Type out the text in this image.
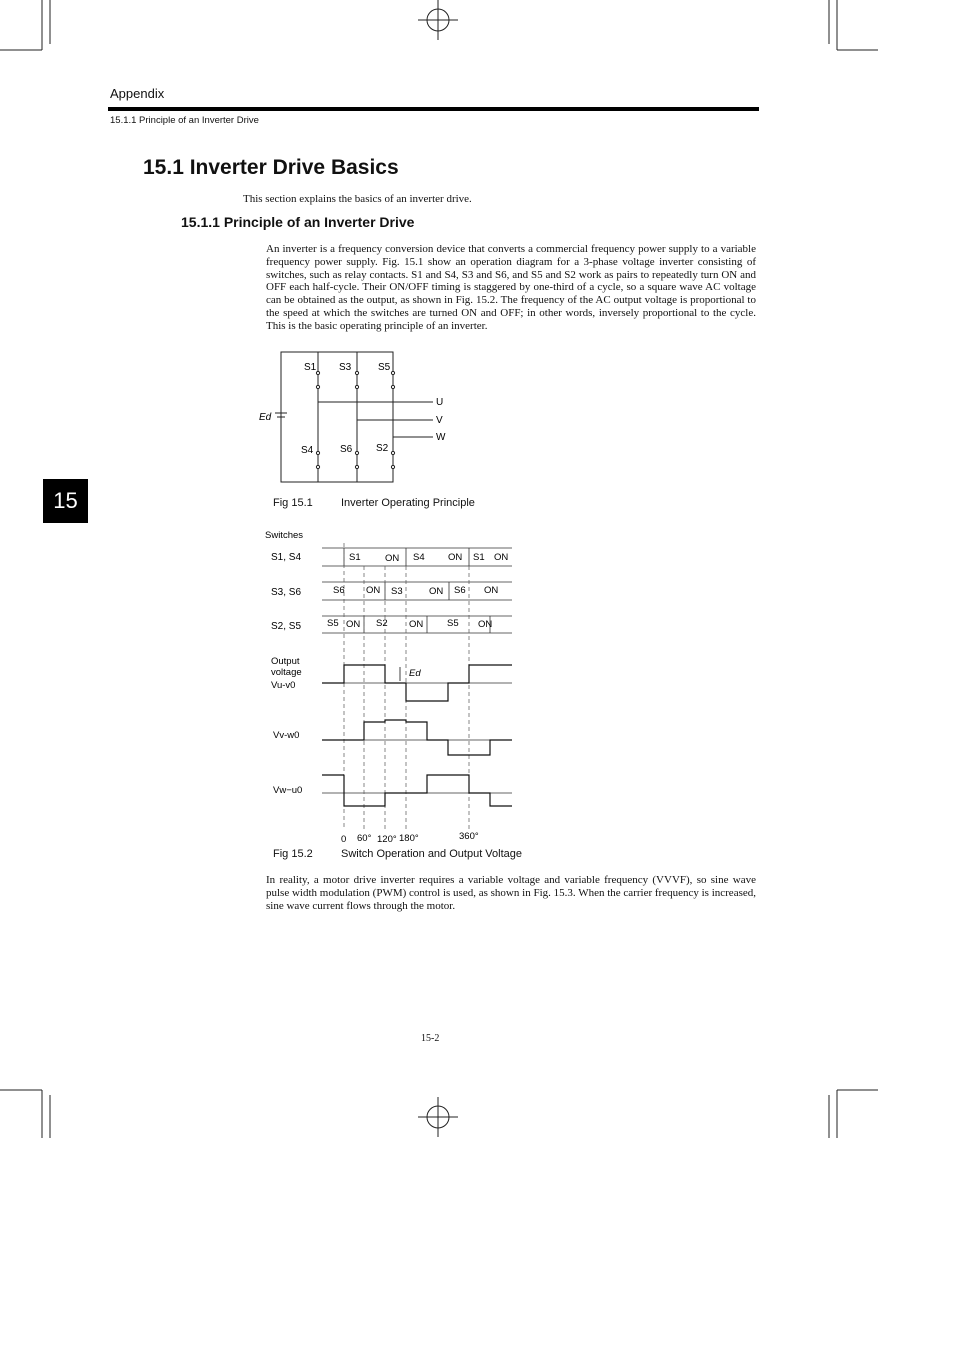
Appendix
15.1.1 Principle of an Inverter Drive
15
15.1 Inverter Drive Basics
This section explains the basics of an inverter drive.
15.1.1 Principle of an Inverter Drive

An inverter is a frequency conversion device that converts a commercial frequency power supply to a variable frequency power supply. Fig. 15.1 show an operation diagram for a 3-phase voltage inverter consisting of switches, such as relay contacts. S1 and S4, S3 and S6, and S5 and S2 work as pairs to repeatedly turn ON and OFF each half-cycle. Their ON/OFF timing is staggered by one-third of a cycle, so a square wave AC voltage can be obtained as the output, as shown in Fig. 15.2. The frequency of the AC output voltage is proportional to the speed at which the switches are turned ON and OFF; in other words, inversely proportional to the cycle. This is the basic operating principle of an inverter.

Ed
S1 S3	S5
S4	S6 S2
U
V
W
Fig 15.1	Inverter Operating Principle
Switches
S1, S4
S3, S6
S2, S5
Output
voltage
Vu-v0
Vv-w0
Vw−u0
S1	ON S4 ON S1 ON
S6 ON S3	ON S6 ON
S5 ON S2 ON	S5 ON
Ed
0 60° 120° 180°	360°
Fig 15.2	Switch Operation and Output Voltage

In reality, a motor drive inverter requires a variable voltage and variable frequency (VVVF), so sine wave pulse width modulation (PWM) control is used, as shown in Fig. 15.3. When the carrier frequency is increased, sine wave current flows through the motor.

15-2
